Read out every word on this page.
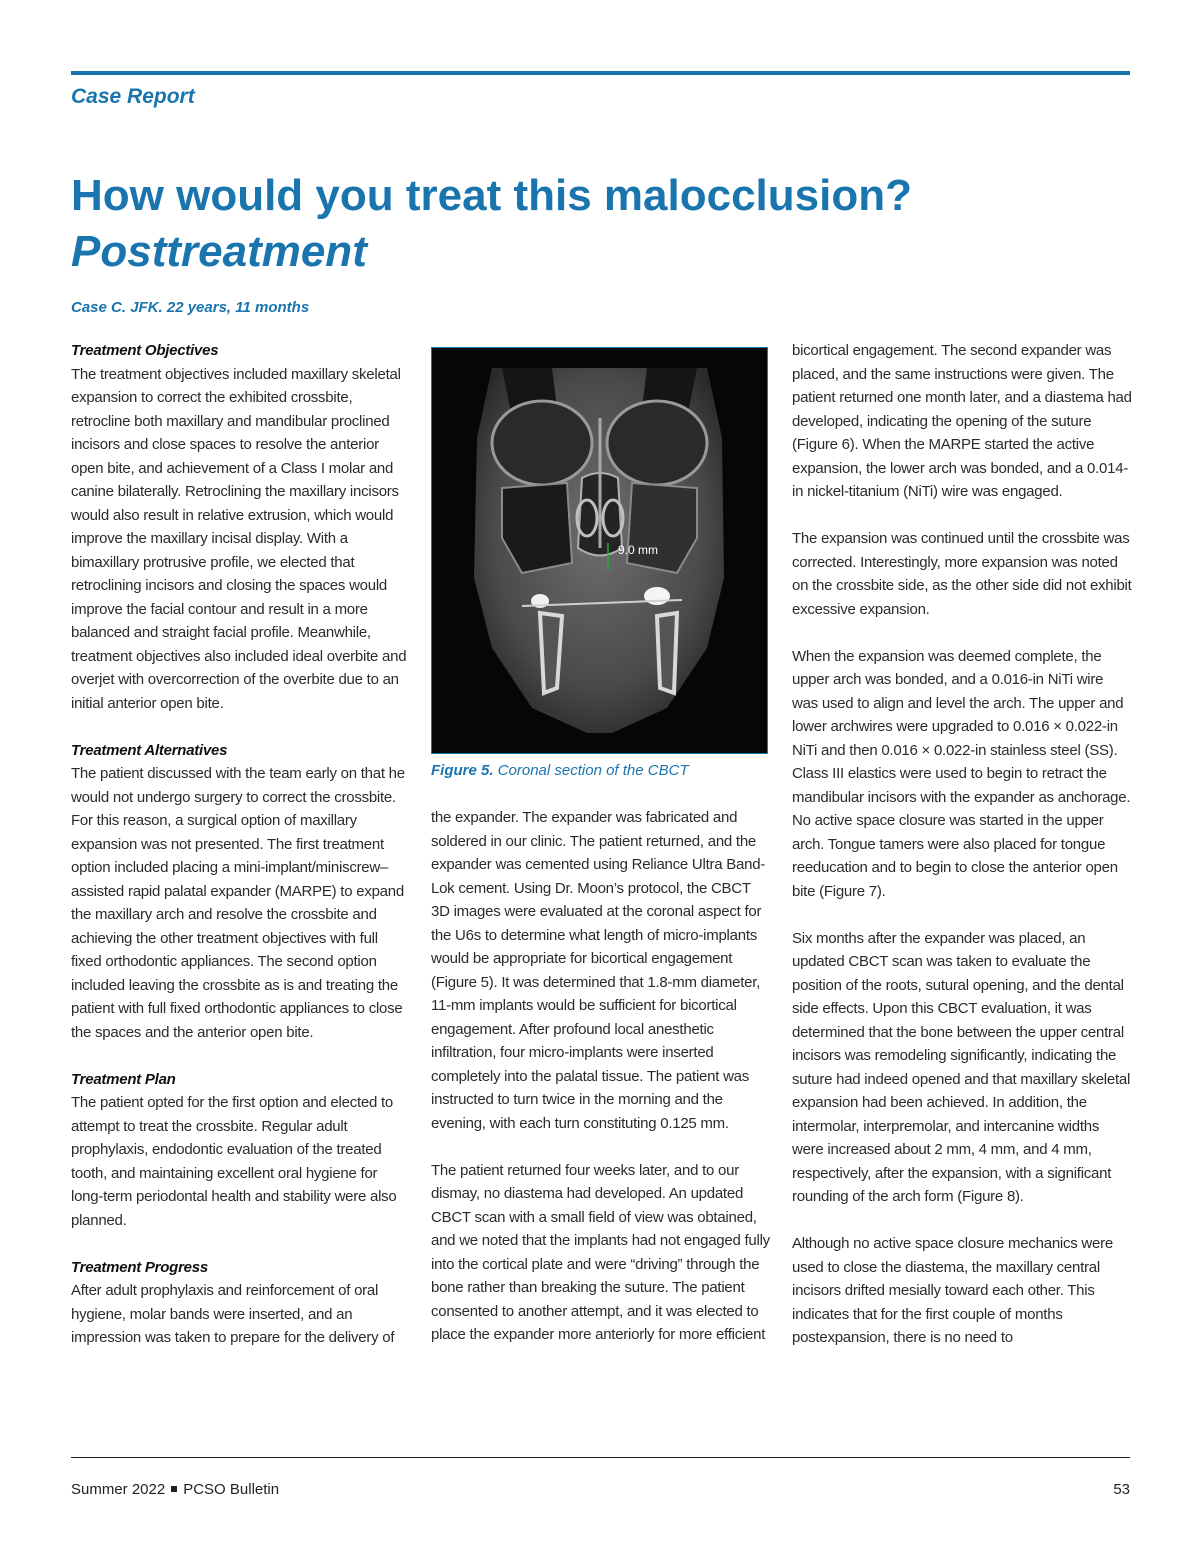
Case Report

How would you treat this malocclusion?
Posttreatment

Case C. JFK. 22 years, 11 months

Treatment Objectives

The treatment objectives included maxillary skeletal expansion to correct the exhibited crossbite, retrocline both maxillary and mandibular proclined incisors and close spaces to resolve the anterior open bite, and achievement of a Class I molar and canine bilaterally. Retroclining the maxillary incisors would also result in relative extrusion, which would improve the maxillary incisal display. With a bimaxillary protrusive profile, we elected that retroclining incisors and closing the spaces would improve the facial contour and result in a more balanced and straight facial profile. Meanwhile, treatment objectives also included ideal overbite and overjet with overcorrection of the overbite due to an initial anterior open bite.

Treatment Alternatives

The patient discussed with the team early on that he would not undergo surgery to correct the crossbite. For this reason, a surgical option of maxillary expansion was not presented. The first treatment option included placing a mini-implant/miniscrew–assisted rapid palatal expander (MARPE) to expand the maxillary arch and resolve the crossbite and achieving the other treatment objectives with full fixed orthodontic appliances. The second option included leaving the crossbite as is and treating the patient with full fixed orthodontic appliances to close the spaces and the anterior open bite.

Treatment Plan

The patient opted for the first option and elected to attempt to treat the crossbite. Regular adult prophylaxis, endodontic evaluation of the treated tooth, and maintaining excellent oral hygiene for long-term periodontal health and stability were also planned.

Treatment Progress

After adult prophylaxis and reinforcement of oral hygiene, molar bands were inserted, and an impression was taken to prepare for the delivery of

9.0 mm

Figure 5. Coronal section of the CBCT

the expander. The expander was fabricated and soldered in our clinic. The patient returned, and the expander was cemented using Reliance Ultra Band-Lok cement. Using Dr. Moon’s protocol, the CBCT 3D images were evaluated at the coronal aspect for the U6s to determine what length of micro-implants would be appropriate for bicortical engagement (Figure 5). It was determined that 1.8-mm diameter, 11-mm implants would be sufficient for bicortical engagement. After profound local anesthetic infiltration, four micro-implants were inserted completely into the palatal tissue. The patient was instructed to turn twice in the morning and the evening, with each turn constituting 0.125 mm.

The patient returned four weeks later, and to our dismay, no diastema had developed. An updated CBCT scan with a small field of view was obtained, and we noted that the implants had not engaged fully into the cortical plate and were “driving” through the bone rather than breaking the suture. The patient consented to another attempt, and it was elected to place the expander more anteriorly for more efficient

bicortical engagement. The second expander was placed, and the same instructions were given. The patient returned one month later, and a diastema had developed, indicating the opening of the suture (Figure 6). When the MARPE started the active expansion, the lower arch was bonded, and a 0.014-in nickel-titanium (NiTi) wire was engaged.

The expansion was continued until the crossbite was corrected. Interestingly, more expansion was noted on the crossbite side, as the other side did not exhibit excessive expansion.

When the expansion was deemed complete, the upper arch was bonded, and a 0.016-in NiTi wire was used to align and level the arch. The upper and lower archwires were upgraded to 0.016 × 0.022-in NiTi and then 0.016 × 0.022-in stainless steel (SS). Class III elastics were used to begin to retract the mandibular incisors with the expander as anchorage. No active space closure was started in the upper arch. Tongue tamers were also placed for tongue reeducation and to begin to close the anterior open bite (Figure 7).

Six months after the expander was placed, an updated CBCT scan was taken to evaluate the position of the roots, sutural opening, and the dental side effects. Upon this CBCT evaluation, it was determined that the bone between the upper central incisors was remodeling significantly, indicating the suture had indeed opened and that maxillary skeletal expansion had been achieved. In addition, the intermolar, interpremolar, and intercanine widths were increased about 2 mm, 4 mm, and 4 mm, respectively, after the expansion, with a significant rounding of the arch form (Figure 8).

Although no active space closure mechanics were used to close the diastema, the maxillary central incisors drifted mesially toward each other. This indicates that for the first couple of months postexpansion, there is no need to

Summer 2022 PCSO Bulletin	53
